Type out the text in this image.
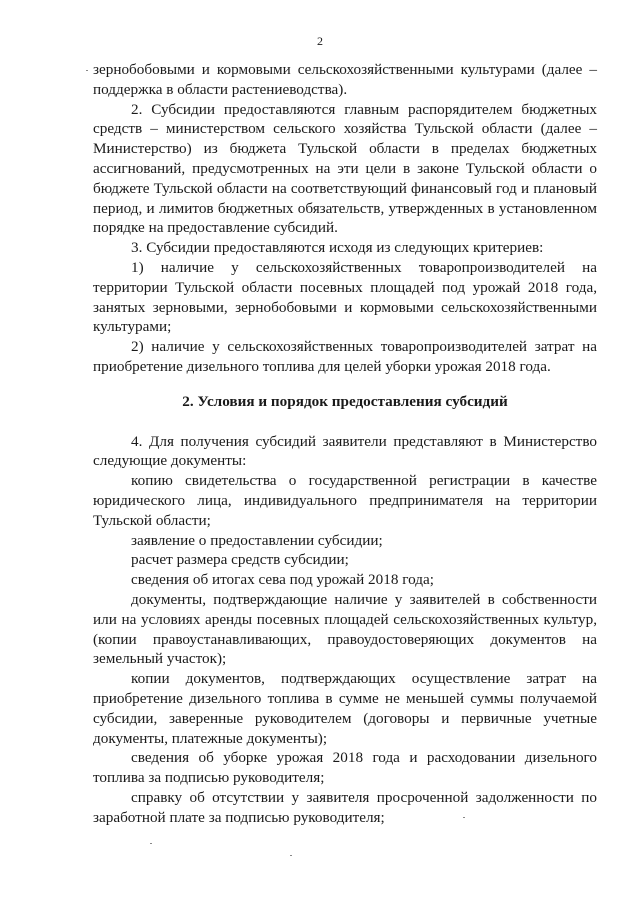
2

зернобобовыми и кормовыми сельскохозяйственными культурами (далее – поддержка в области растениеводства).

2. Субсидии предоставляются главным распорядителем бюджетных средств – министерством сельского хозяйства Тульской области (далее – Министерство) из бюджета Тульской области в пределах бюджетных ассигнований, предусмотренных на эти цели в законе Тульской области о бюджете Тульской области на соответствующий финансовый год и плановый период, и лимитов бюджетных обязательств, утвержденных в установленном порядке на предоставление субсидий.

3. Субсидии предоставляются исходя из следующих критериев:

1) наличие у сельскохозяйственных товаропроизводителей на территории Тульской области посевных площадей под урожай 2018 года, занятых зерновыми, зернобобовыми и кормовыми сельскохозяйственными культурами;

2) наличие у сельскохозяйственных товаропроизводителей затрат на приобретение дизельного топлива для целей уборки урожая 2018 года.

2. Условия и порядок предоставления субсидий

4. Для получения субсидий заявители представляют в Министерство следующие документы:

копию свидетельства о государственной регистрации в качестве юридического лица, индивидуального предпринимателя на территории Тульской области;

заявление о предоставлении субсидии;

расчет размера средств субсидии;

сведения об итогах сева под урожай 2018 года;

документы, подтверждающие наличие у заявителей в собственности или на условиях аренды посевных площадей сельскохозяйственных культур, (копии правоустанавливающих, правоудостоверяющих документов на земельный участок);

копии документов, подтверждающих осуществление затрат на приобретение дизельного топлива в сумме не меньшей суммы получаемой субсидии, заверенные руководителем (договоры и первичные учетные документы, платежные документы);

сведения об уборке урожая 2018 года и расходовании дизельного топлива за подписью руководителя;

справку об отсутствии у заявителя просроченной задолженности по заработной плате за подписью руководителя;
